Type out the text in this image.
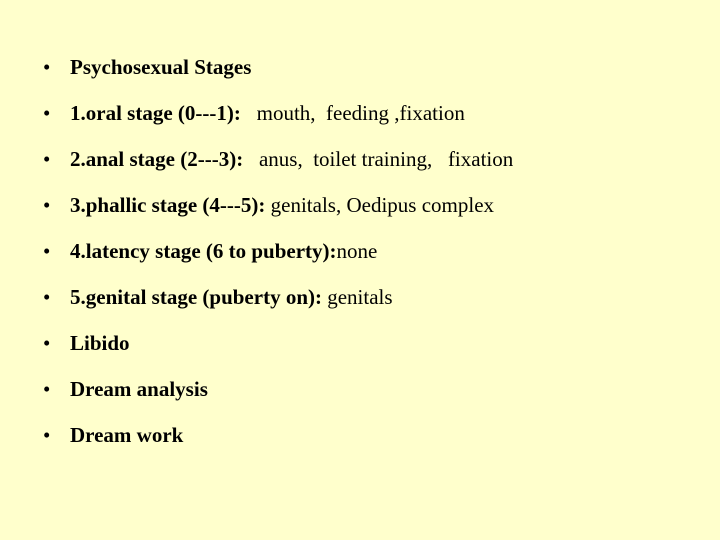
• Psychosexual Stages
• 1.oral stage (0---1): mouth,  feeding ,fixation
• 2.anal stage (2---3): anus,  toilet training,   fixation
• 3.phallic stage (4---5): genitals, Oedipus complex
• 4.latency stage (6 to puberty): none
• 5.genital stage (puberty on): genitals
• Libido
• Dream analysis
• Dream work
